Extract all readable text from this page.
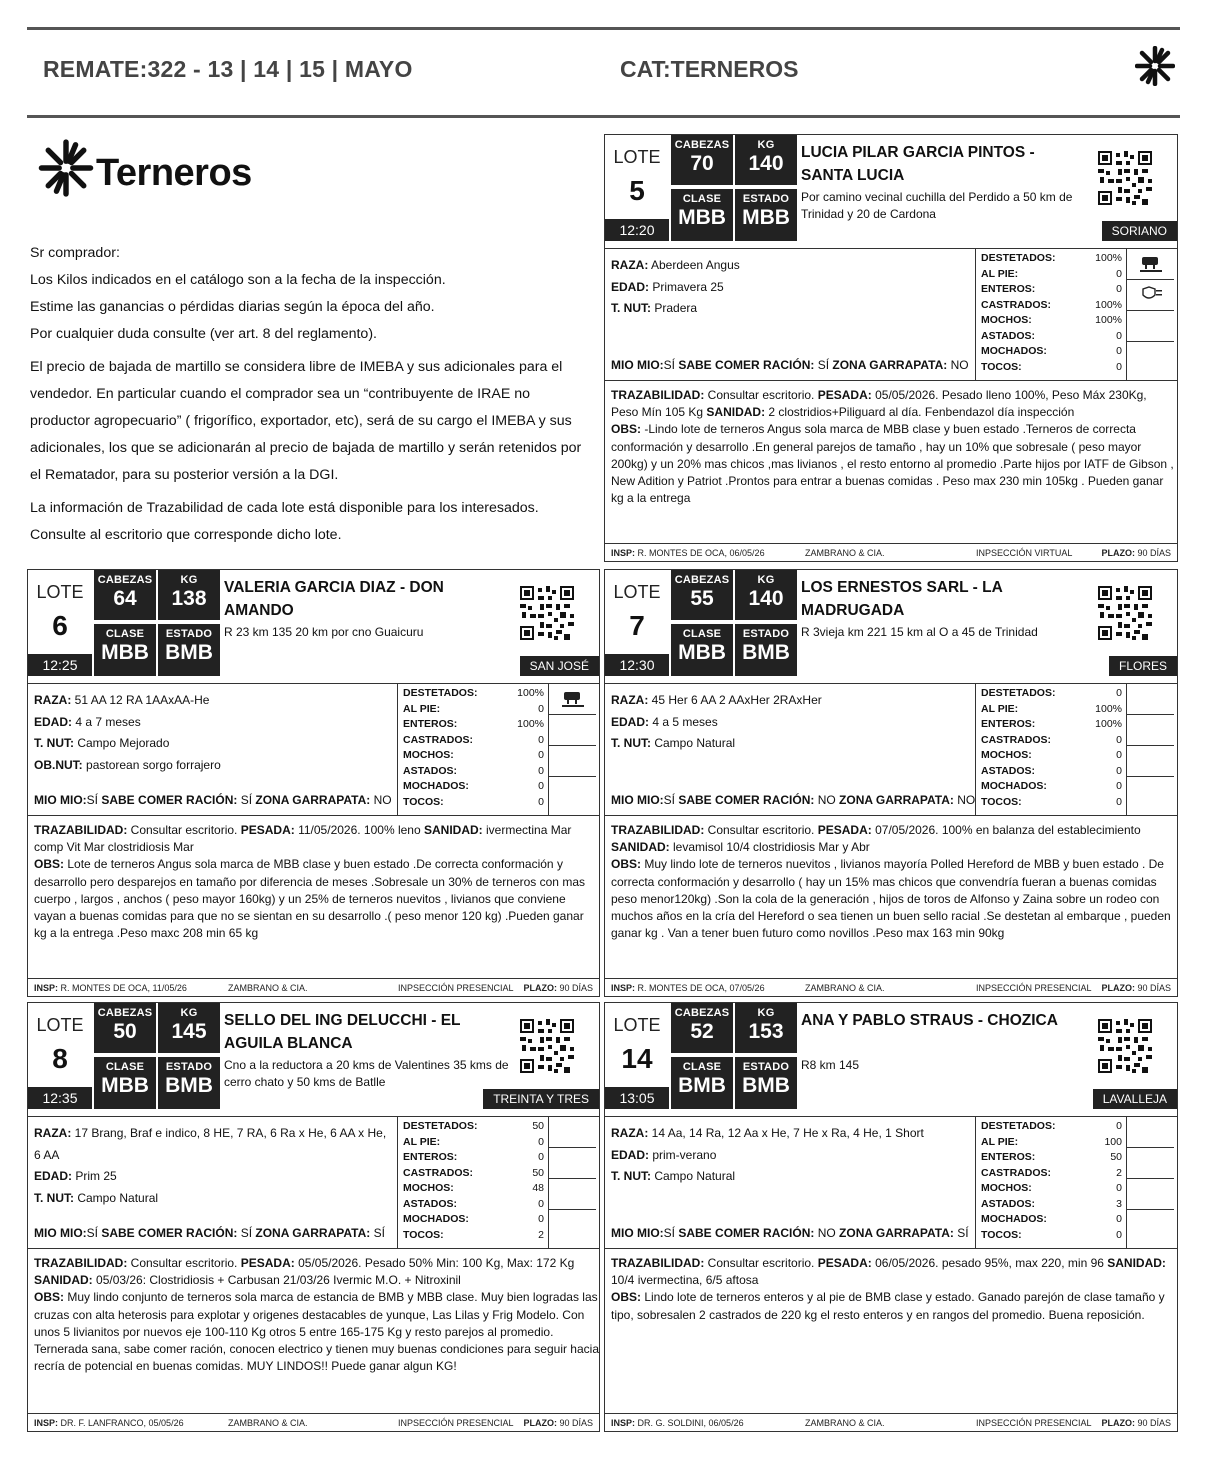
REMATE:322 - 13 | 14 | 15 | MAYO	CAT:TERNEROS
Terneros

Sr comprador:

Los Kilos indicados en el catálogo son a la fecha de la inspección.

Estime las ganancias o pérdidas diarias según la época del año.

Por cualquier duda consulte (ver art. 8 del reglamento).

El precio de bajada de martillo se considera libre de IMEBA y sus adicionales para el vendedor. En particular cuando el comprador sea un “contribuyente de IRAE no productor agropecuario” ( frigorífico, exportador, etc), será de su cargo el IMEBA y sus adicionales, los que se adicionarán al precio de bajada de martillo y serán retenidos por el Rematador, para su posterior versión a la DGI.

La información de Trazabilidad de cada lote está disponible para los interesados. Consulte al escritorio que corresponde dicho lote.

LOTE
5
12:20
CABEZAS
70
KG
140
CLASE
MBB
ESTADO
MBB
LUCIA PILAR GARCIA PINTOS - SANTA LUCIA
Por camino vecinal cuchilla del Perdido a 50 km de Trinidad y 20 de Cardona
SORIANO
RAZA: Aberdeen Angus
EDAD: Primavera 25
T. NUT: Pradera
MIO MIO:SÍ SABE COMER RACIÓN: SÍ ZONA GARRAPATA: NO
DESTETADOS:	100%
AL PIE:	0
ENTEROS:	0
CASTRADOS:	100%
MOCHOS:	100%
ASTADOS:	0
MOCHADOS:	0
TOCOS:	0
TRAZABILIDAD: Consultar escritorio. PESADA: 05/05/2026. Pesado lleno 100%, Peso Máx 230Kg, Peso Mín 105 Kg SANIDAD: 2 clostridios+Piliguard al día. Fenbendazol día inspección
OBS: -Lindo lote de terneros Angus sola marca de MBB clase y buen estado .Terneros de correcta conformación y desarrollo .En general parejos de tamaño , hay un 10% que sobresale ( peso mayor 200kg) y un 20% mas chicos ,mas livianos , el resto entorno al promedio .Parte hijos por IATF de Gibson , New Adition y Patriot .Prontos para entrar a buenas comidas . Peso max 230 min 105kg . Pueden ganar kg a la entrega
INSP: R. MONTES DE OCA, 06/05/26	ZAMBRANO & CIA.	INPSECCIÓN VIRTUAL	PLAZO: 90 DÍAS
LOTE
6
12:25
CABEZAS
64
KG
138
CLASE
MBB
ESTADO
BMB
VALERIA GARCIA DIAZ - DON AMANDO
R 23 km 135 20 km por cno Guaicuru
SAN JOSÉ
RAZA: 51 AA 12 RA 1AAxAA-He
EDAD: 4 a 7 meses
T. NUT: Campo Mejorado
OB.NUT: pastorean sorgo forrajero
MIO MIO:SÍ SABE COMER RACIÓN: SÍ ZONA GARRAPATA: NO
DESTETADOS:	100%
AL PIE:	0
ENTEROS:	100%
CASTRADOS:	0
MOCHOS:	0
ASTADOS:	0
MOCHADOS:	0
TOCOS:	0
TRAZABILIDAD: Consultar escritorio. PESADA: 11/05/2026. 100% leno SANIDAD: ivermectina Mar comp Vit Mar clostridiosis Mar
OBS: Lote de terneros Angus sola marca de MBB clase y buen estado .De correcta conformación y desarrollo pero desparejos en tamaño por diferencia de meses .Sobresale un 30% de terneros con mas cuerpo , largos , anchos ( peso mayor 160kg) y un 25% de terneros nuevitos , livianos que conviene vayan a buenas comidas para que no se sientan en su desarrollo .( peso menor 120 kg) .Pueden ganar kg a la entrega .Peso maxc 208 min 65 kg
INSP: R. MONTES DE OCA, 11/05/26	ZAMBRANO & CIA.	INPSECCIÓN PRESENCIAL PLAZO: 90 DÍAS
LOTE
7
12:30
CABEZAS
55
KG
140
CLASE
MBB
ESTADO
BMB
LOS ERNESTOS SARL - LA MADRUGADA
R 3vieja km 221 15 km al O a 45 de Trinidad
FLORES
RAZA: 45 Her 6 AA 2 AAxHer 2RAxHer
EDAD: 4 a 5 meses
T. NUT: Campo Natural
MIO MIO:SÍ SABE COMER RACIÓN: NO ZONA GARRAPATA: NO
DESTETADOS:	0
AL PIE:	100%
ENTEROS:	100%
CASTRADOS:	0
MOCHOS:	0
ASTADOS:	0
MOCHADOS:	0
TOCOS:	0
TRAZABILIDAD: Consultar escritorio. PESADA: 07/05/2026. 100% en balanza del establecimiento SANIDAD: levamisol 10/4 clostridiosis Mar y Abr
OBS: Muy lindo lote de terneros nuevitos , livianos mayoría Polled Hereford de MBB y buen estado . De correcta conformación y desarrollo ( hay un 15% mas chicos que convendría fueran a buenas comidas peso menor120kg) .Son la cola de la generación , hijos de toros de Alfonso y Zaina sobre un rodeo con muchos años en la cría del Hereford o sea tienen un buen sello racial .Se destetan al embarque , pueden ganar kg . Van a tener buen futuro como novillos .Peso max 163 min 90kg
INSP: R. MONTES DE OCA, 07/05/26	ZAMBRANO & CIA.	INPSECCIÓN PRESENCIAL PLAZO: 90 DÍAS
LOTE
8
12:35
CABEZAS
50
KG
145
CLASE
MBB
ESTADO
BMB
SELLO DEL ING DELUCCHI - EL AGUILA BLANCA
Cno a la reductora a 20 kms de Valentines 35 kms de cerro chato y 50 kms de Batlle
TREINTA Y TRES
RAZA: 17 Brang, Braf e indico, 8 HE, 7 RA, 6 Ra x He, 6 AA x He, 6 AA
EDAD: Prim 25
T. NUT: Campo Natural
MIO MIO:SÍ SABE COMER RACIÓN: SÍ ZONA GARRAPATA: SÍ
DESTETADOS:	50
AL PIE:	0
ENTEROS:	0
CASTRADOS:	50
MOCHOS:	48
ASTADOS:	0
MOCHADOS:	0
TOCOS:	2
TRAZABILIDAD: Consultar escritorio. PESADA: 05/05/2026. Pesado 50% Min: 100 Kg, Max: 172 Kg SANIDAD: 05/03/26: Clostridiosis + Carbusan 21/03/26 Ivermic M.O. + Nitroxinil
OBS: Muy lindo conjunto de terneros sola marca de estancia de BMB y MBB clase. Muy bien logradas las cruzas con alta heterosis para explotar y origenes destacables de yunque, Las Lilas y Frig Modelo. Con unos 5 livianitos por nuevos eje 100-110 Kg otros 5 entre 165-175 Kg y resto parejos al promedio. Ternerada sana, sabe comer ración, conocen electrico y tienen muy buenas condiciones para seguir hacia recría de potencial en buenas comidas. MUY LINDOS!! Puede ganar algun KG!
INSP: DR. F. LANFRANCO, 05/05/26	ZAMBRANO & CIA.	INPSECCIÓN PRESENCIAL PLAZO: 90 DÍAS
LOTE
14
13:05
CABEZAS
52
KG
153
CLASE
BMB
ESTADO
BMB
ANA Y PABLO STRAUS - CHOZICA
R8 km 145
LAVALLEJA
RAZA: 14 Aa, 14 Ra, 12 Aa x He, 7 He x Ra, 4 He, 1 Short
EDAD: prim-verano
T. NUT: Campo Natural
MIO MIO:SÍ SABE COMER RACIÓN: NO ZONA GARRAPATA: SÍ
DESTETADOS:	0
AL PIE:	100
ENTEROS:	50
CASTRADOS:	2
MOCHOS:	0
ASTADOS:	3
MOCHADOS:	0
TOCOS:	0
TRAZABILIDAD: Consultar escritorio. PESADA: 06/05/2026. pesado 95%, max 220, min 96 SANIDAD: 10/4 ivermectina, 6/5 aftosa
OBS: Lindo lote de terneros enteros y al pie de BMB clase y estado. Ganado parejón de clase tamaño y tipo, sobresalen 2 castrados de 220 kg el resto enteros y en rangos del promedio. Buena reposición.
INSP: DR. G. SOLDINI, 06/05/26	ZAMBRANO & CIA.	INPSECCIÓN PRESENCIAL PLAZO: 90 DÍAS
